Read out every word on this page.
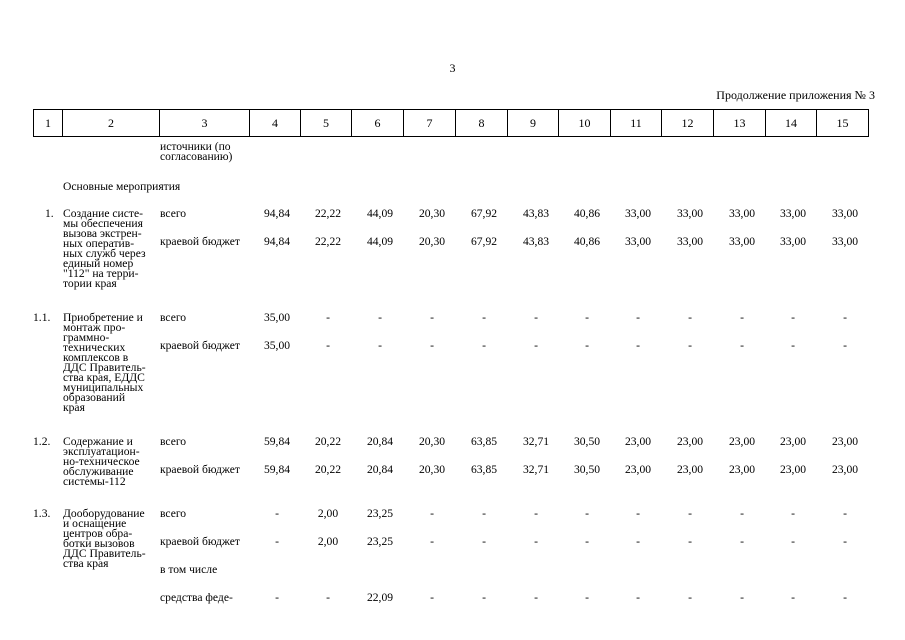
3
Продолжение приложения № 3
1	2	3	4	5	6	7	8	9	10	11	12	13	14	15
источники (по
согласованию)
Основные мероприятия
1. Создание систе-
мы обеспечения
вызова экстрен-
ных оператив-
ных служб через
единый номер
"112" на терри-
тории края
всего	94,84	22,22	44,09	20,30	67,92	43,83	40,86	33,00	33,00	33,00	33,00	33,00
краевой бюджет	94,84	22,22	44,09	20,30	67,92	43,83	40,86	33,00	33,00	33,00	33,00	33,00
1.1. Приобретение и
монтаж про-
граммно-
технических
комплексов в
ДДС Правитель-
ства края, ЕДДС
муниципальных
образований
края
всего	35,00	-	-	-	-	-	-	-	-	-	-	-
краевой бюджет	35,00	-	-	-	-	-	-	-	-	-	-	-
1.2. Содержание и
эксплуатацион-
но-техническое
обслуживание
системы-112
всего	59,84	20,22	20,84	20,30	63,85	32,71	30,50	23,00	23,00	23,00	23,00	23,00
краевой бюджет	59,84	20,22	20,84	20,30	63,85	32,71	30,50	23,00	23,00	23,00	23,00	23,00
1.3. Дооборудование
и оснащение
центров обра-
ботки вызовов
ДДС Правитель-
ства края
всего	-	2,00	23,25	-	-	-	-	-	-	-	-	-
краевой бюджет	-	2,00	23,25	-	-	-	-	-	-	-	-	-
в том числе
средства феде-	-	-	22,09	-	-	-	-	-	-	-	-	-
